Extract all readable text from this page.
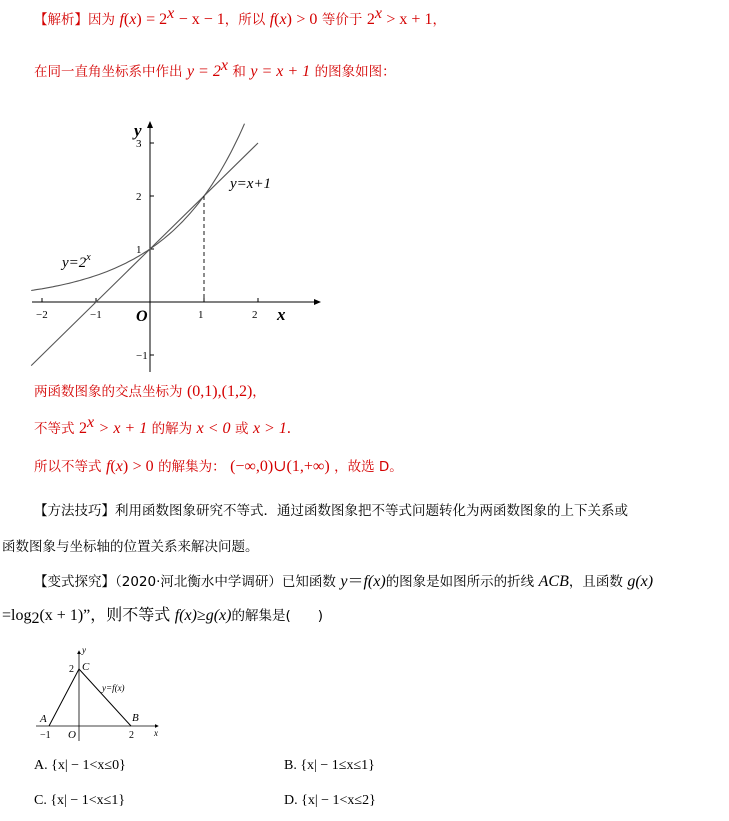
【解析】因为 $f(x) = 2^x - x - 1$，所以 f(x) > 0 等价于 $2^x > x + 1$，
在同一直角坐标系中作出 $y = 2^x$ 和 y = x + 1 的图象如图：
−2	−1	1	2
−1
1
2
3
x
y
O
$y=2^x$
y=x+1
两函数图象的交点坐标为 (0,1),(1,2)，
不等式 $2^x > x + 1$ 的解为 x < 0 或 x > 1.
所以不等式 f(x) > 0 的解集为： (−∞,0)∪(1,+∞) ，故选 D。
【方法技巧】利用函数图象研究不等式．通过函数图象把不等式问题转化为两函数图象的上下关系或
函数图象与坐标轴的位置关系来解决问题。
【变式探究】（2020·河北衡水中学调研）已知函数 y＝f(x)的图象是如图所示的折线 ACB，且函数 g(x)
$=\log_2(x + 1)$”，则不等式 f(x)≥g(x)的解集是(　　)
y
x
A	B
C
O
2
−1	2
y=f(x)
A. {x| − 1<x≤0}	B. {x| − 1≤x≤1}
C. {x| − 1<x≤1}	D. {x| − 1<x≤2}
